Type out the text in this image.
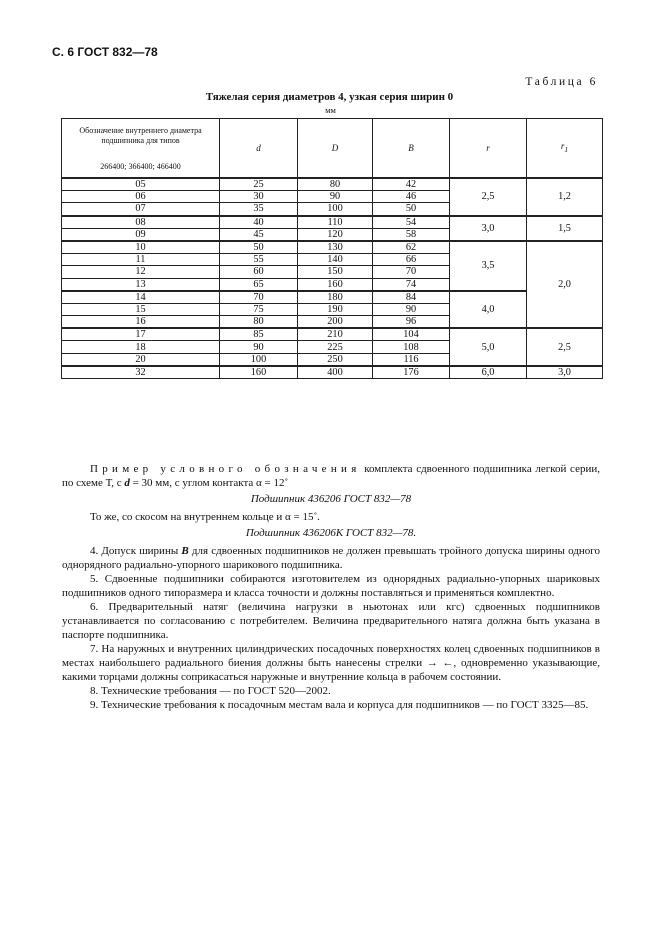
С. 6 ГОСТ 832—78
Таблица 6
Тяжелая серия диаметров 4, узкая серия ширин 0
мм
Обозначение внутреннего диаметра подшипника для типов
266400; 366400; 466400	d	D	B	r	$r_1$
05	25	80	42	2,5	1,2
06	30	90	46		
07	35	100	50		
08	40	110	54	3,0	1,5
09	45	120	58		
10	50	130	62	3,5	2,0
11	55	140	66		
12	60	150	70		
13	65	160	74		
14	70	180	84	4,0	
15	75	190	90		
16	80	200	96		
17	85	210	104	5,0	2,5
18	90	225	108		
20	100	250	116		
32	160	400	176	6,0	3,0

Пример условного обозначения комплекта сдвоенного подшипника легкой серии, по схеме Т, с d = 30 мм, с углом контакта α = 12˚

Подшипник 436206 ГОСТ 832—78

То же, со скосом на внутреннем кольце и α = 15˚.

Подшипник 436206К ГОСТ 832—78.

4. Допуск ширины B для сдвоенных подшипников не должен превышать тройного допуска ширины одного однорядного радиально-упорного шарикового подшипника.

5. Сдвоенные подшипники собираются изготовителем из однорядных радиально-упорных шариковых подшипников одного типоразмера и класса точности и должны поставляться и применяться комплектно.

6. Предварительный натяг (величина нагрузки в ньютонах или кгс) сдвоенных подшипников устанавливается по согласованию с потребителем. Величина предварительного натяга должна быть указана в паспорте подшипника.

7. На наружных и внутренних цилиндрических посадочных поверхностях колец сдвоенных подшипников в местах наибольшего радиального биения должны быть нанесены стрелки → ←, одновременно указывающие, какими торцами должны соприкасаться наружные и внутренние кольца в рабочем состоянии.

8. Технические требования — по ГОСТ 520—2002.

9. Технические требования к посадочным местам вала и корпуса для подшипников — по ГОСТ 3325—85.
